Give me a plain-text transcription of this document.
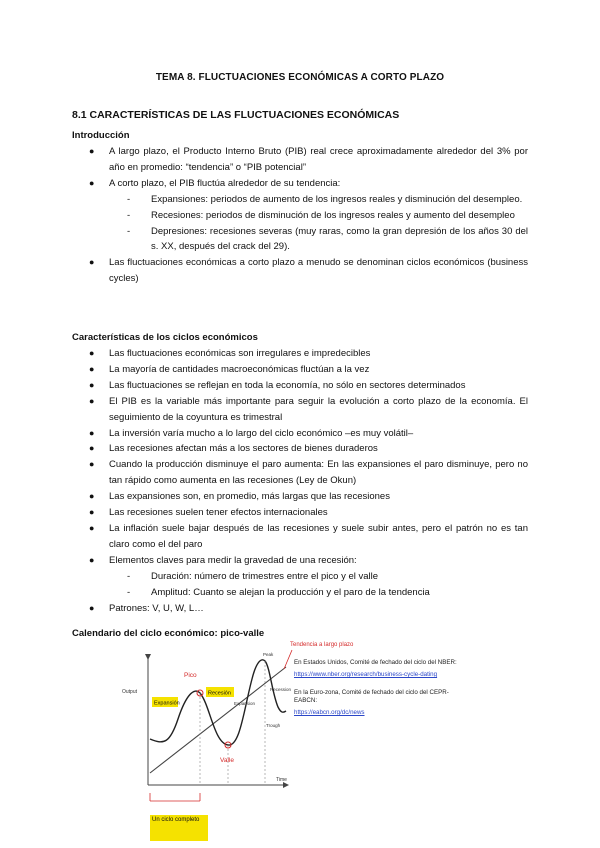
TEMA 8. FLUCTUACIONES ECONÓMICAS A CORTO PLAZO
8.1 CARACTERÍSTICAS DE LAS FLUCTUACIONES ECONÓMICAS
Introducción
● A largo plazo, el Producto Interno Bruto (PIB) real crece aproximadamente alrededor del 3% por año en promedio: “tendencia” o “PIB potencial”
● A corto plazo, el PIB fluctúa alrededor de su tendencia:
- Expansiones: periodos de aumento de los ingresos reales y disminución del desempleo.
- Recesiones: periodos de disminución de los ingresos reales y aumento del desempleo
- Depresiones: recesiones severas (muy raras, como la gran depresión de los años 30 del s. XX, después del crack del 29).
● Las fluctuaciones económicas a corto plazo a menudo se denominan ciclos económicos (business cycles)
Características de los ciclos económicos
● Las fluctuaciones económicas son irregulares e impredecibles
● La mayoría de cantidades macroeconómicas fluctúan a la vez
● Las fluctuaciones se reflejan en toda la economía, no sólo en sectores determinados
● El PIB es la variable más importante para seguir la evolución a corto plazo de la economía. El seguimiento de la coyuntura es trimestral
● La inversión varía mucho a lo largo del ciclo económico –es muy volátil–
● Las recesiones afectan más a los sectores de bienes duraderos
● Cuando la producción disminuye el paro aumenta: En las expansiones el paro disminuye, pero no tan rápido como aumenta en las recesiones (Ley de Okun)
● Las expansiones son, en promedio, más largas que las recesiones
● Las recesiones suelen tener efectos internacionales
● La inflación suele bajar después de las recesiones y suele subir antes, pero el patrón no es tan claro como el del paro
● Elementos claves para medir la gravedad de una recesión:
- Duración: número de trimestres entre el pico y el valle
- Amplitud: Cuanto se alejan la producción y el paro de la tendencia
● Patrones: V, U, W, L…
Calendario del ciclo económico: pico-valle
Output
Time
Pico
Valle
Peak
Trough
Recession
Expansion
Expansión
Recesión
Tendencia a largo plazo
Un ciclo completo
En Estados Unidos, Comité de fechado del ciclo del NBER:
https://www.nber.org/research/business-cycle-dating
En la Euro-zona, Comité de fechado del ciclo del CEPR-EABCN:
https://eabcn.org/dc/news
